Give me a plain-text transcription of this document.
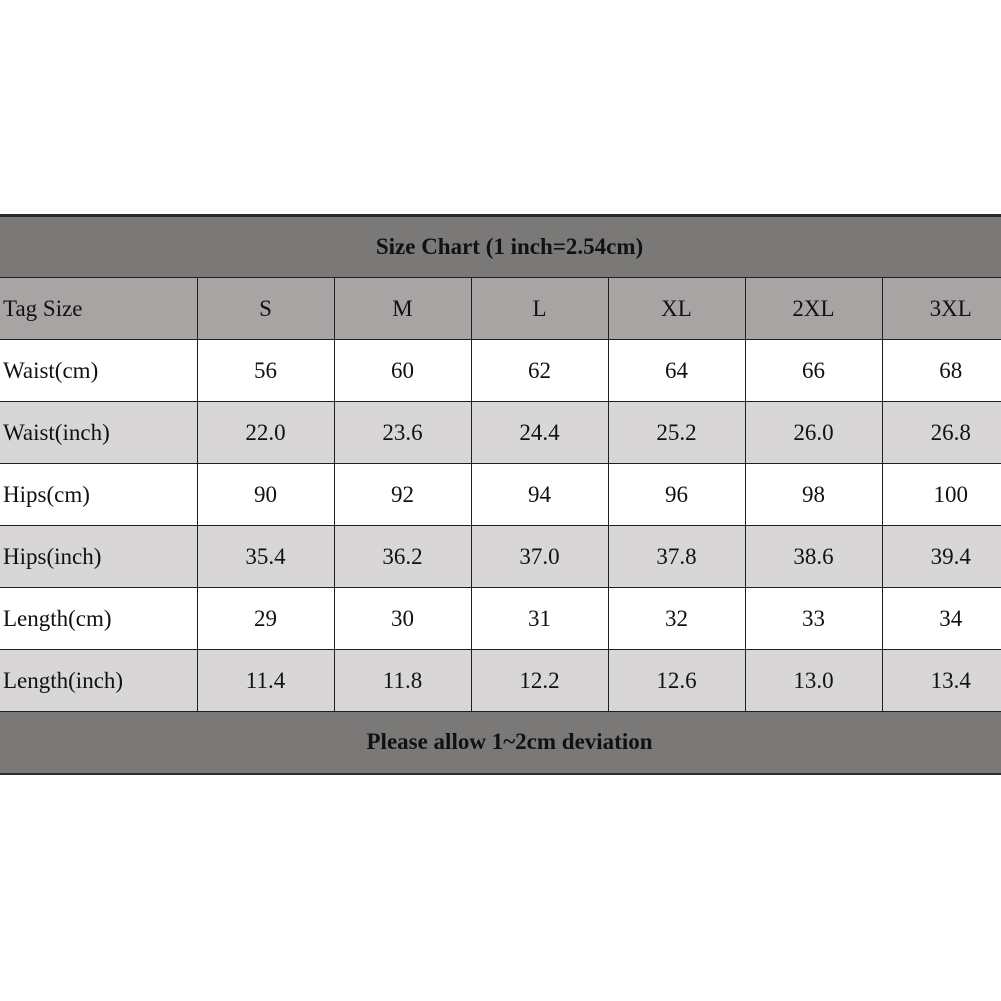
Size Chart (1 inch=2.54cm)						
Tag Size	S	M	L	XL	2XL	3XL
Waist(cm)	56	60	62	64	66	68
Waist(inch)	22.0	23.6	24.4	25.2	26.0	26.8
Hips(cm)	90	92	94	96	98	100
Hips(inch)	35.4	36.2	37.0	37.8	38.6	39.4
Length(cm)	29	30	31	32	33	34
Length(inch)	11.4	11.8	12.2	12.6	13.0	13.4
Please allow 1~2cm deviation						
